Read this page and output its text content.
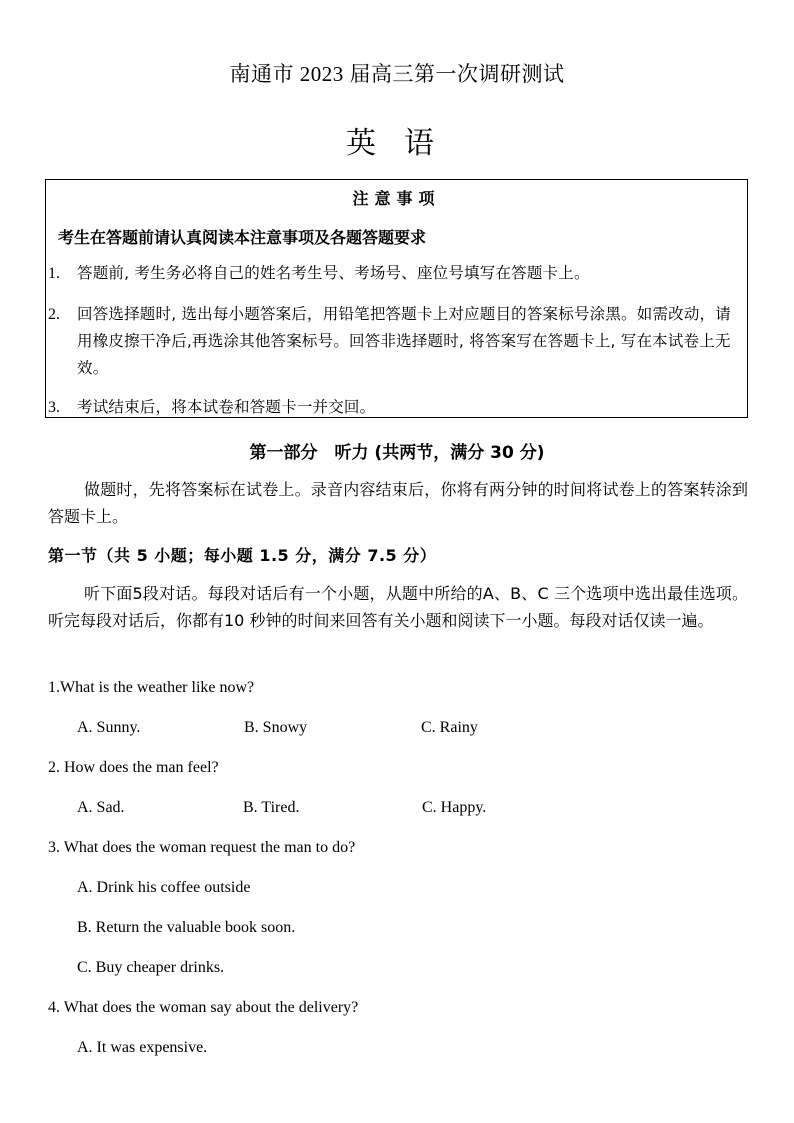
南通市 2023 届高三第一次调研测试
英语
注意事项
考生在答题前请认真阅读本注意事项及各题答题要求
1.	答题前, 考生务必将自己的姓名考生号、考场号、座位号填写在答题卡上。
2.	回答选择题时, 选出每小题答案后，用铅笔把答题卡上对应题目的答案标号涂黑。如需改动，请用橡皮擦干净后,再选涂其他答案标号。回答非选择题时, 将答案写在答题卡上, 写在本试卷上无效。
3.	考试结束后，将本试卷和答题卡一并交回。
第一部分　听力 (共两节，满分 30 分)
做题时，先将答案标在试卷上。录音内容结束后，你将有两分钟的时间将试卷上的答案转涂到答题卡上。
第一节（共 5 小题；每小题 1.5 分，满分 7.5 分）
听下面5段对话。每段对话后有一个小题，从题中所给的A、B、C 三个选项中选出最佳选项。听完每段对话后，你都有10 秒钟的时间来回答有关小题和阅读下一小题。每段对话仅读一遍。
1.What is the weather like now?
A. Sunny.	B. Snowy	C. Rainy
2. How does the man feel?
A. Sad.	B. Tired.	C. Happy.
3. What does the woman request the man to do?
A. Drink his coffee outside
B. Return the valuable book soon.
C. Buy cheaper drinks.
4. What does the woman say about the delivery?
A. It was expensive.
